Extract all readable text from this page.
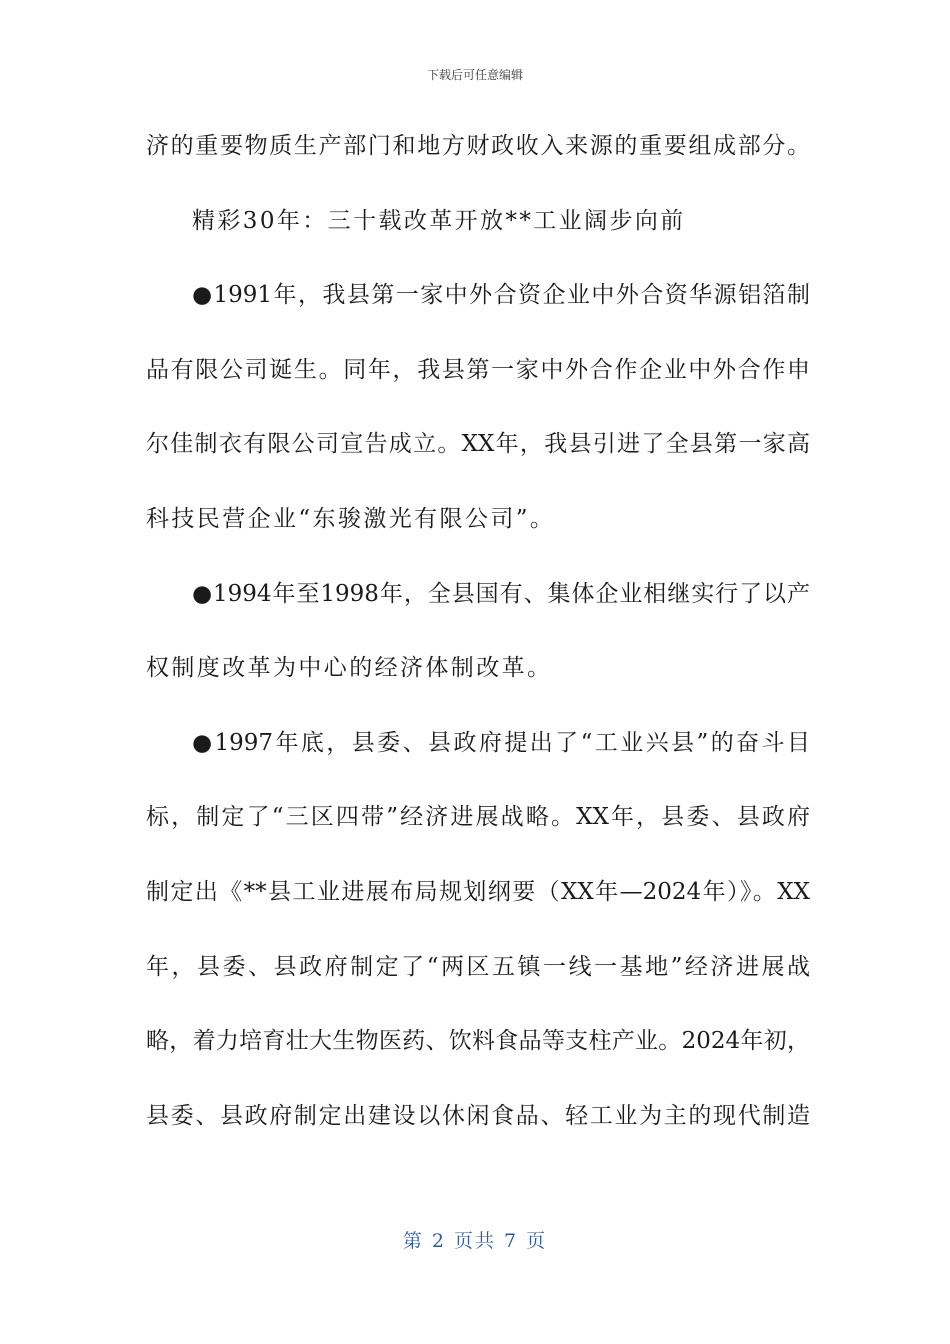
下载后可任意编辑
济的重要物质生产部门和地方财政收入来源的重要组成部分。
精彩30年：三十载改革开放**工业阔步向前
●1991年，我县第一家中外合资企业中外合资华源铝箔制
品有限公司诞生。同年，我县第一家中外合作企业中外合作申
尔佳制衣有限公司宣告成立。XX年，我县引进了全县第一家高
科技民营企业“东骏激光有限公司”。
●1994年至1998年，全县国有、集体企业相继实行了以产
权制度改革为中心的经济体制改革。
●1997年底，县委、县政府提出了“工业兴县”的奋斗目
标，制定了“三区四带”经济进展战略。XX年，县委、县政府
制定出《**县工业进展布局规划纲要（XX年—2024年）》。XX
年，县委、县政府制定了“两区五镇一线一基地”经济进展战
略，着力培育壮大生物医药、饮料食品等支柱产业。2024年初，
县委、县政府制定出建设以休闲食品、轻工业为主的现代制造
第 2 页共 7 页
